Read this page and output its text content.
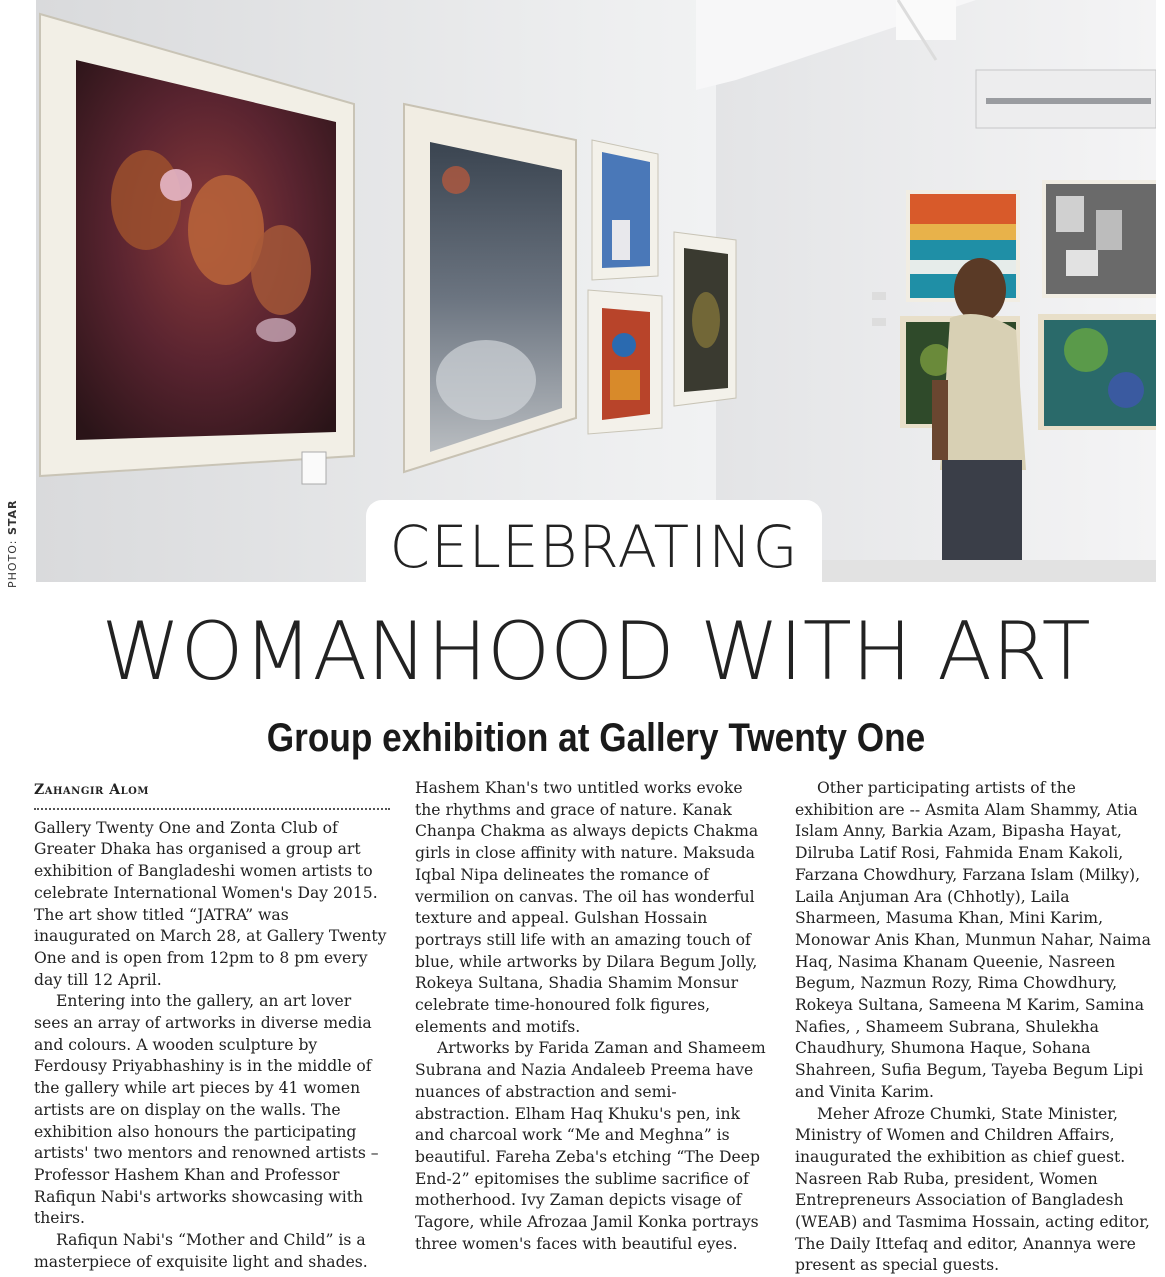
PHOTO: STAR	CELEBRATING
WOMANHOOD WITH ART
Group exhibition at Gallery Twenty One
Zahangir Alom

Gallery Twenty One and Zonta Club of Greater Dhaka has organised a group art exhibition of Bangladeshi women artists to celebrate International Women's Day 2015. The art show titled “JATRA” was inaugurated on March 28, at Gallery Twenty One and is open from 12pm to 8 pm every day till 12 April.

Entering into the gallery, an art lover sees an array of artworks in diverse media and colours. A wooden sculpture by Ferdousy Priyabhashiny is in the middle of the gallery while art pieces by 41 women artists are on display on the walls. The exhibition also honours the participating artists' two mentors and renowned artists – Professor Hashem Khan and Professor Rafiqun Nabi's artworks showcasing with theirs.

Rafiqun Nabi's “Mother and Child” is a masterpiece of exquisite light and shades.

Hashem Khan's two untitled works evoke the rhythms and grace of nature. Kanak Chanpa Chakma as always depicts Chakma girls in close affinity with nature. Maksuda Iqbal Nipa delineates the romance of vermilion on canvas. The oil has wonderful texture and appeal. Gulshan Hossain portrays still life with an amazing touch of blue, while artworks by Dilara Begum Jolly, Rokeya Sultana, Shadia Shamim Monsur celebrate time-honoured folk figures, elements and motifs.

Artworks by Farida Zaman and Shameem Subrana and Nazia Andaleeb Preema have nuances of abstraction and semi-abstraction. Elham Haq Khuku's pen, ink and charcoal work “Me and Meghna” is beautiful. Fareha Zeba's etching “The Deep End-2” epitomises the sublime sacrifice of motherhood. Ivy Zaman depicts visage of Tagore, while Afrozaa Jamil Konka portrays three women's faces with beautiful eyes.

Other participating artists of the exhibition are -- Asmita Alam Shammy, Atia Islam Anny, Barkia Azam, Bipasha Hayat, Dilruba Latif Rosi, Fahmida Enam Kakoli, Farzana Chowdhury, Farzana Islam (Milky), Laila Anjuman Ara (Chhotly), Laila Sharmeen, Masuma Khan, Mini Karim, Monowar Anis Khan, Munmun Nahar, Naima Haq, Nasima Khanam Queenie, Nasreen Begum, Nazmun Rozy, Rima Chowdhury, Rokeya Sultana, Sameena M Karim, Samina Nafies, , Shameem Subrana, Shulekha Chaudhury, Shumona Haque, Sohana Shahreen, Sufia Begum, Tayeba Begum Lipi and Vinita Karim.

Meher Afroze Chumki, State Minister, Ministry of Women and Children Affairs, inaugurated the exhibition as chief guest. Nasreen Rab Ruba, president, Women Entrepreneurs Association of Bangladesh (WEAB) and Tasmima Hossain, acting editor, The Daily Ittefaq and editor, Anannya were present as special guests.
